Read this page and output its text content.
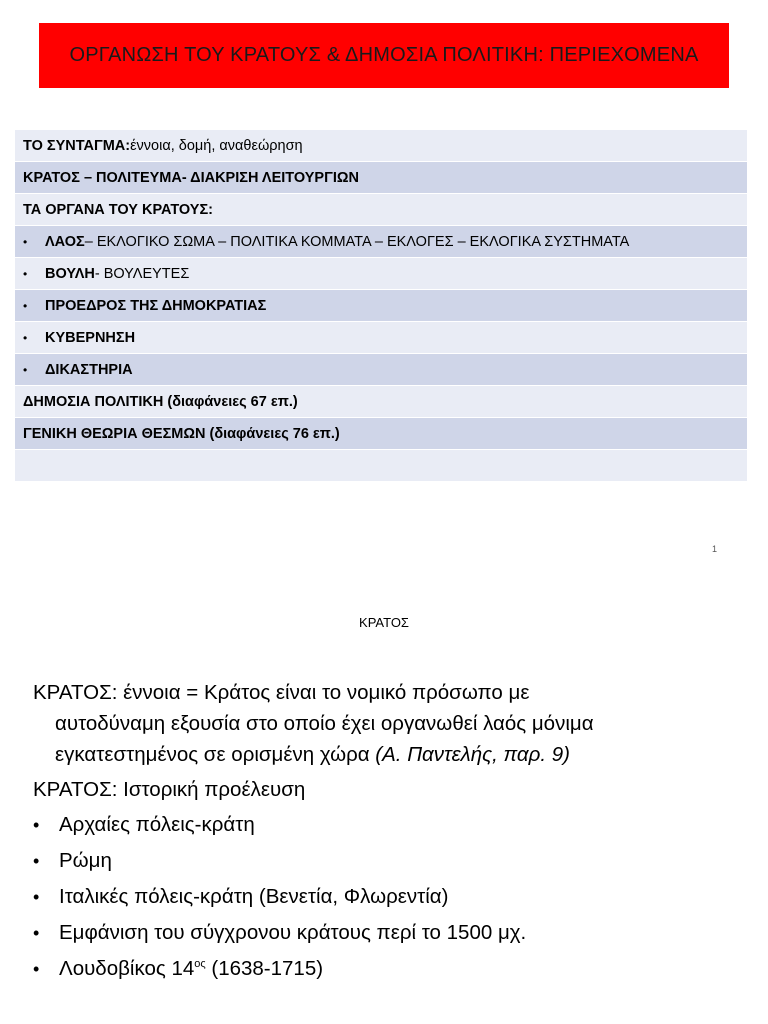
ΟΡΓΑΝΩΣΗ ΤΟΥ ΚΡΑΤΟΥΣ & ΔΗΜΟΣΙΑ ΠΟΛΙΤΙΚΗ: ΠΕΡΙΕΧΟΜΕΝΑ
ΤΟ ΣΥΝΤΑΓΜΑ: έννοια, δομή, αναθεώρηση
ΚΡΑΤΟΣ – ΠΟΛΙΤΕΥΜΑ- ΔΙΑΚΡΙΣΗ ΛΕΙΤΟΥΡΓΙΩΝ
ΤΑ ΟΡΓΑΝΑ ΤΟΥ ΚΡΑΤΟΥΣ:
•	ΛΑΟΣ – ΕΚΛΟΓΙΚΟ ΣΩΜΑ – ΠΟΛΙΤΙΚΑ ΚΟΜΜΑΤΑ – ΕΚΛΟΓΕΣ – ΕΚΛΟΓΙΚΑ ΣΥΣΤΗΜΑΤΑ
•	ΒΟΥΛΗ - ΒΟΥΛΕΥΤΕΣ
•	ΠΡΟΕΔΡΟΣ ΤΗΣ ΔΗΜΟΚΡΑΤΙΑΣ
•	ΚΥΒΕΡΝΗΣΗ
•	ΔΙΚΑΣΤΗΡΙΑ
ΔΗΜΟΣΙΑ ΠΟΛΙΤΙΚΗ (διαφάνειες 67 επ.)
ΓΕΝΙΚΗ ΘΕΩΡΙΑ ΘΕΣΜΩΝ (διαφάνειες 76 επ.)
1
ΚΡΑΤΟΣ

ΚΡΑΤΟΣ: έννοια = Κράτος είναι το νομικό πρόσωπο με
αυτοδύναμη εξουσία στο οποίο έχει οργανωθεί λαός μόνιμα
εγκατεστημένος σε ορισμένη χώρα (Α. Παντελής, παρ. 9)

ΚΡΑΤΟΣ: Ιστορική προέλευση

• Αρχαίες πόλεις-κράτη
• Ρώμη
• Ιταλικές πόλεις-κράτη (Βενετία, Φλωρεντία)
• Εμφάνιση του σύγχρονου κράτους περί το 1500 μχ.
• Λουδοβίκος $14^{o\varsigma}$ (1638-1715)
